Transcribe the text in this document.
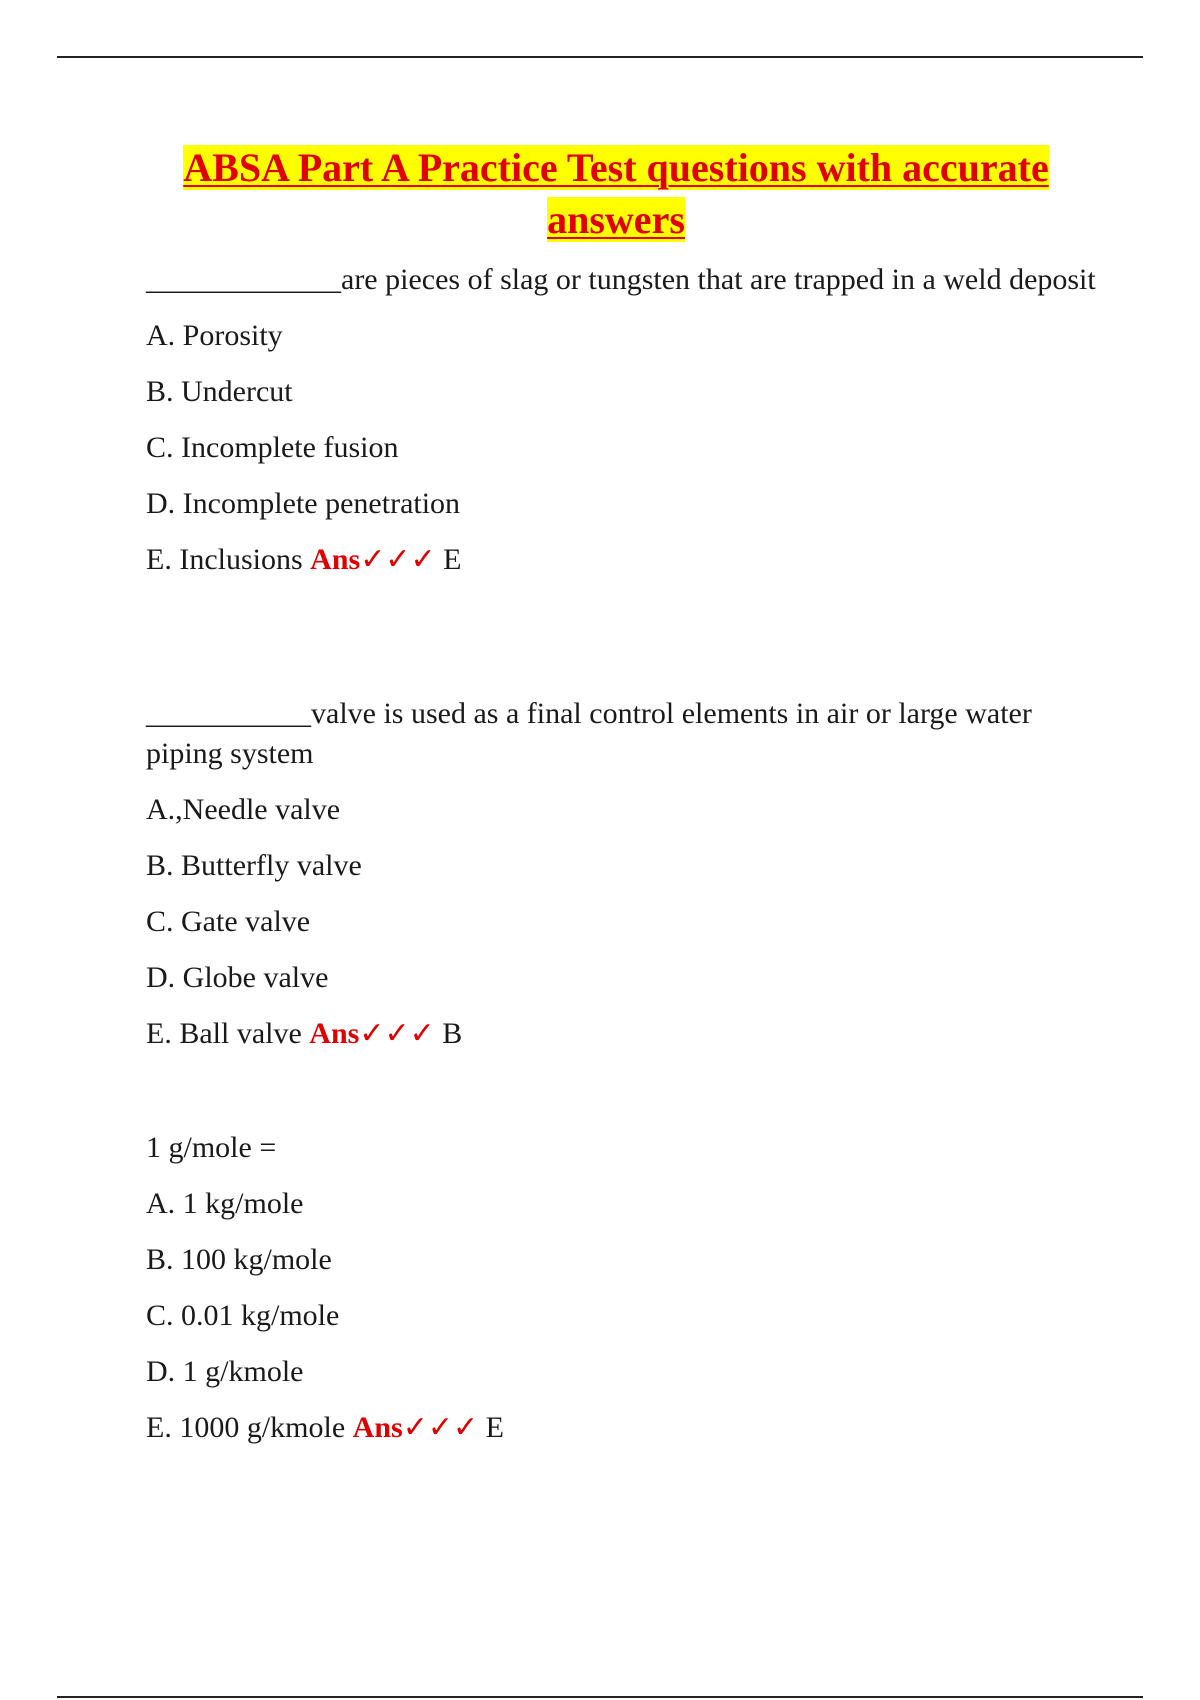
ABSA Part A Practice Test questions with accurate answers

_____________are pieces of slag or tungsten that are trapped in a weld deposit

A. Porosity

B. Undercut

C. Incomplete fusion

D. Incomplete penetration

E. Inclusions Ans✓✓✓ E

___________valve is used as a final control elements in air or large water piping system

A.,Needle valve

B. Butterfly valve

C. Gate valve

D. Globe valve

E. Ball valve Ans✓✓✓ B

1 g/mole =

A. 1 kg/mole

B. 100 kg/mole

C. 0.01 kg/mole

D. 1 g/kmole

E. 1000 g/kmole Ans✓✓✓ E
